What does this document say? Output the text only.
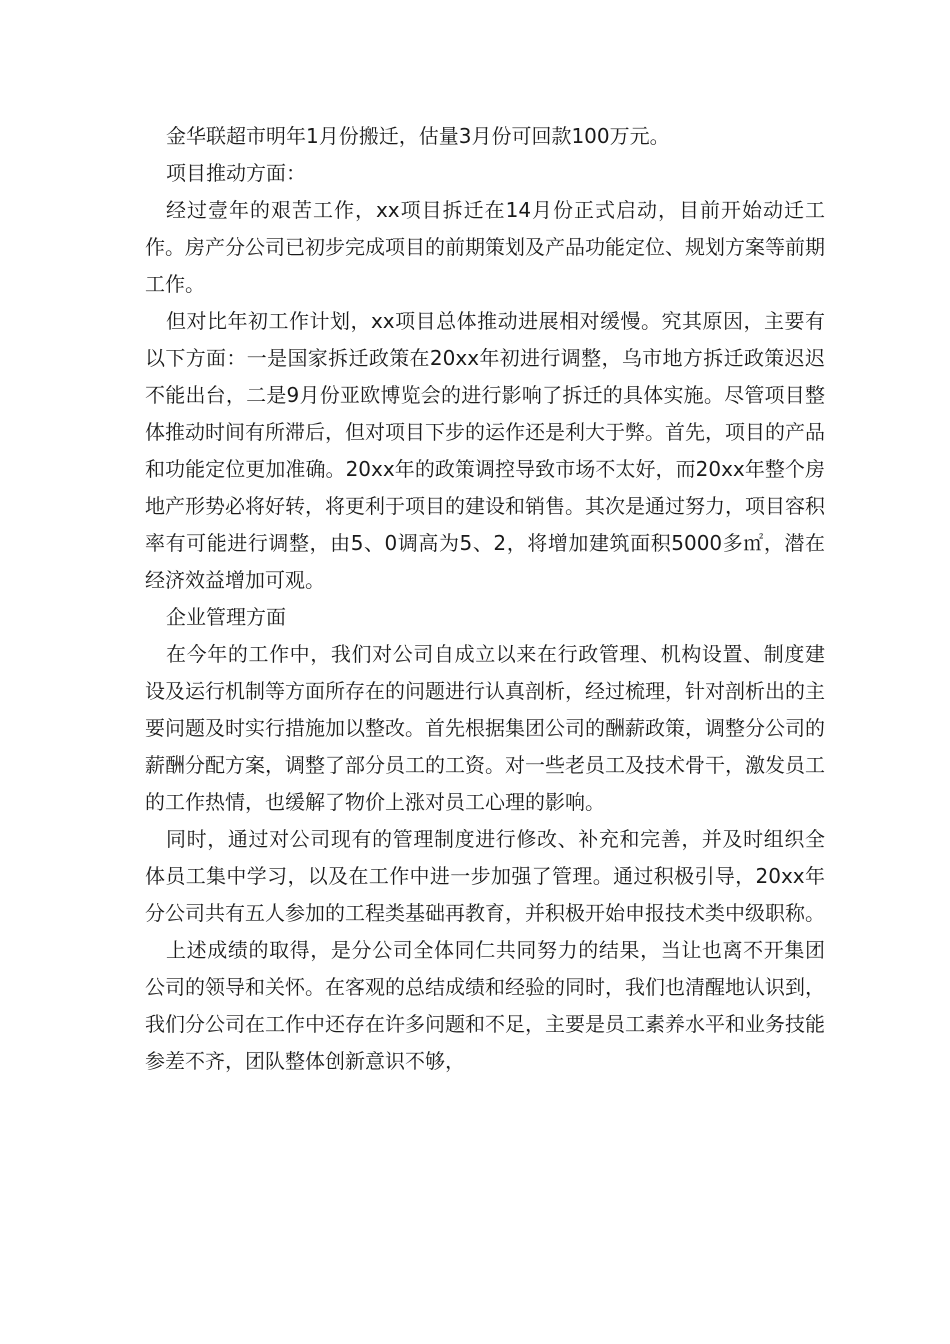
金华联超市明年1月份搬迁，估量3月份可回款100万元。

项目推动方面：

经过壹年的艰苦工作，xx项目拆迁在14月份正式启动，目前开始动迁工作。房产分公司已初步完成项目的前期策划及产品功能定位、规划方案等前期工作。

但对比年初工作计划，xx项目总体推动进展相对缓慢。究其原因，主要有以下方面：一是国家拆迁政策在20xx年初进行调整，乌市地方拆迁政策迟迟不能出台，二是9月份亚欧博览会的进行影响了拆迁的具体实施。尽管项目整体推动时间有所滞后，但对项目下步的运作还是利大于弊。首先，项目的产品和功能定位更加准确。20xx年的政策调控导致市场不太好，而20xx年整个房地产形势必将好转，将更利于项目的建设和销售。其次是通过努力，项目容积率有可能进行调整，由5、0调高为5、2，将增加建筑面积5000多㎡，潜在经济效益增加可观。

企业管理方面

在今年的工作中，我们对公司自成立以来在行政管理、机构设置、制度建设及运行机制等方面所存在的问题进行认真剖析，经过梳理，针对剖析出的主要问题及时实行措施加以整改。首先根据集团公司的酬薪政策，调整分公司的薪酬分配方案，调整了部分员工的工资。对一些老员工及技术骨干，激发员工的工作热情，也缓解了物价上涨对员工心理的影响。

同时，通过对公司现有的管理制度进行修改、补充和完善，并及时组织全体员工集中学习，以及在工作中进一步加强了管理。通过积极引导，20xx年分公司共有五人参加的工程类基础再教育，并积极开始申报技术类中级职称。

上述成绩的取得，是分公司全体同仁共同努力的结果，当让也离不开集团公司的领导和关怀。在客观的总结成绩和经验的同时，我们也清醒地认识到，我们分公司在工作中还存在许多问题和不足，主要是员工素养水平和业务技能参差不齐，团队整体创新意识不够，
